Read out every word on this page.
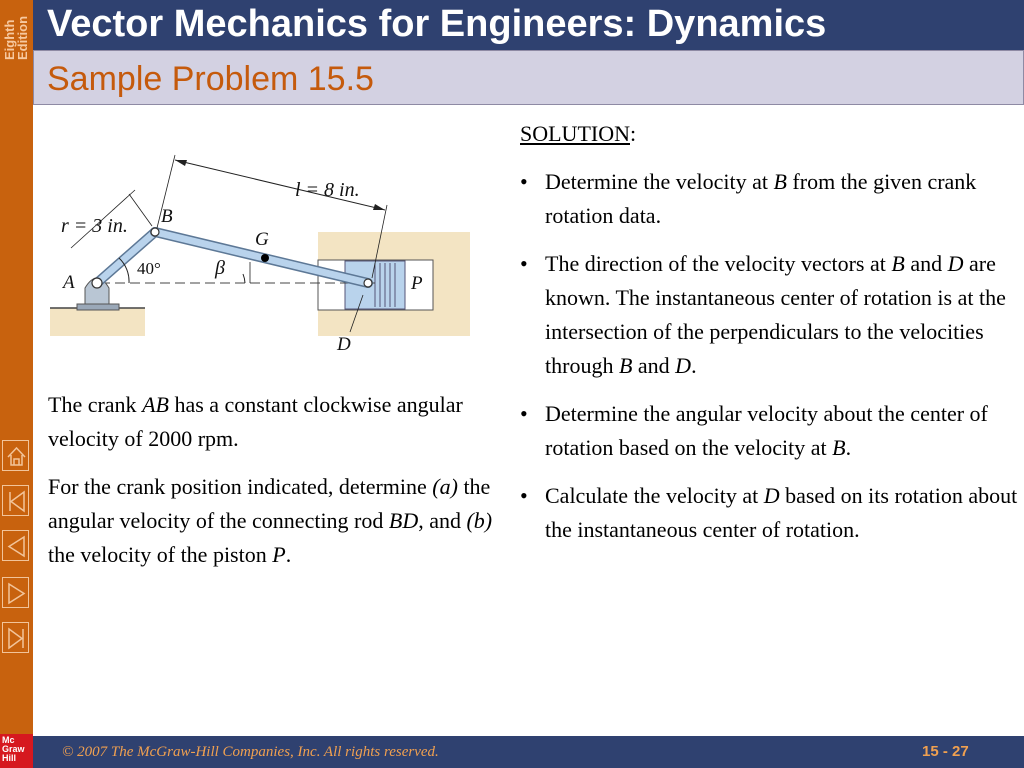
Eighth
Edition Vector Mechanics for Engineers: Dynamics
Sample Problem 15.5
l = 8 in.
r = 3 in.
40°	β
A
B
G
P
D

The crank AB has a constant clockwise angular velocity of 2000 rpm.

For the crank position indicated, determine (a) the angular velocity of the connecting rod BD, and (b) the velocity of the piston P.

SOLUTION:
• Determine the velocity at B from the given crank rotation data.
• The direction of the velocity vectors at B and D are known. The instantaneous center of rotation is at the intersection of the perpendiculars to the velocities through B and D.
• Determine the angular velocity about the center of rotation based on the velocity at B.
• Calculate the velocity at D based on its rotation about the instantaneous center of rotation.
Mc
Graw
Hill	© 2007 The McGraw-Hill Companies, Inc. All rights reserved.	15 - 27
